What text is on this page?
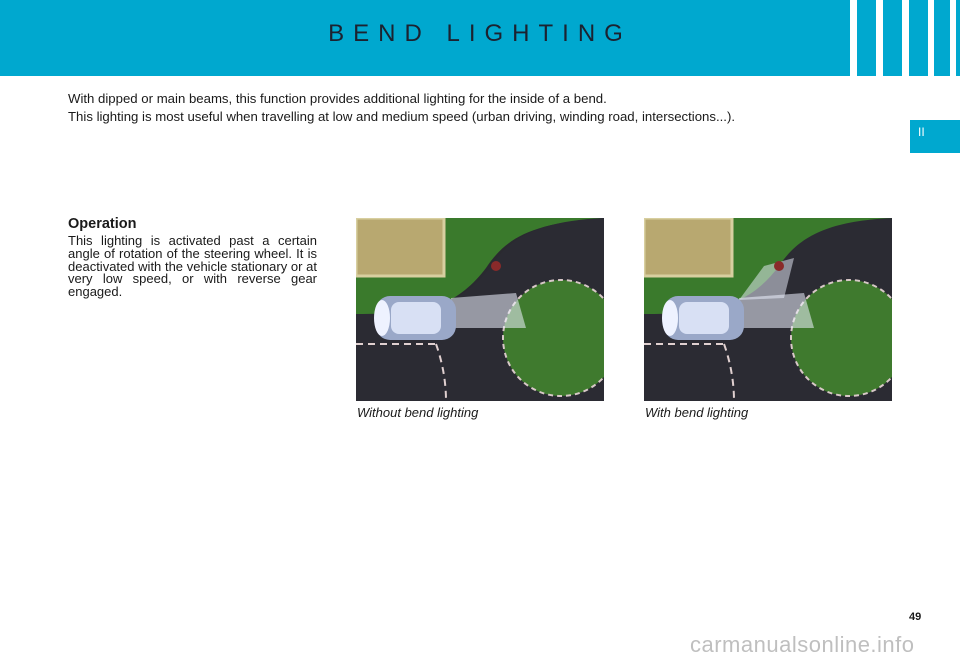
BEND LIGHTING
II

With dipped or main beams, this function provides additional lighting for the inside of a bend.

This lighting is most useful when travelling at low and medium speed (urban driving, winding road, intersections...).

Operation

This lighting is activated past a certain angle of rotation of the steering wheel. It is deactivated with the vehicle stationary or at very low speed, or with reverse gear engaged.

Without bend lighting	With bend lighting
49
carmanualsonline.info
